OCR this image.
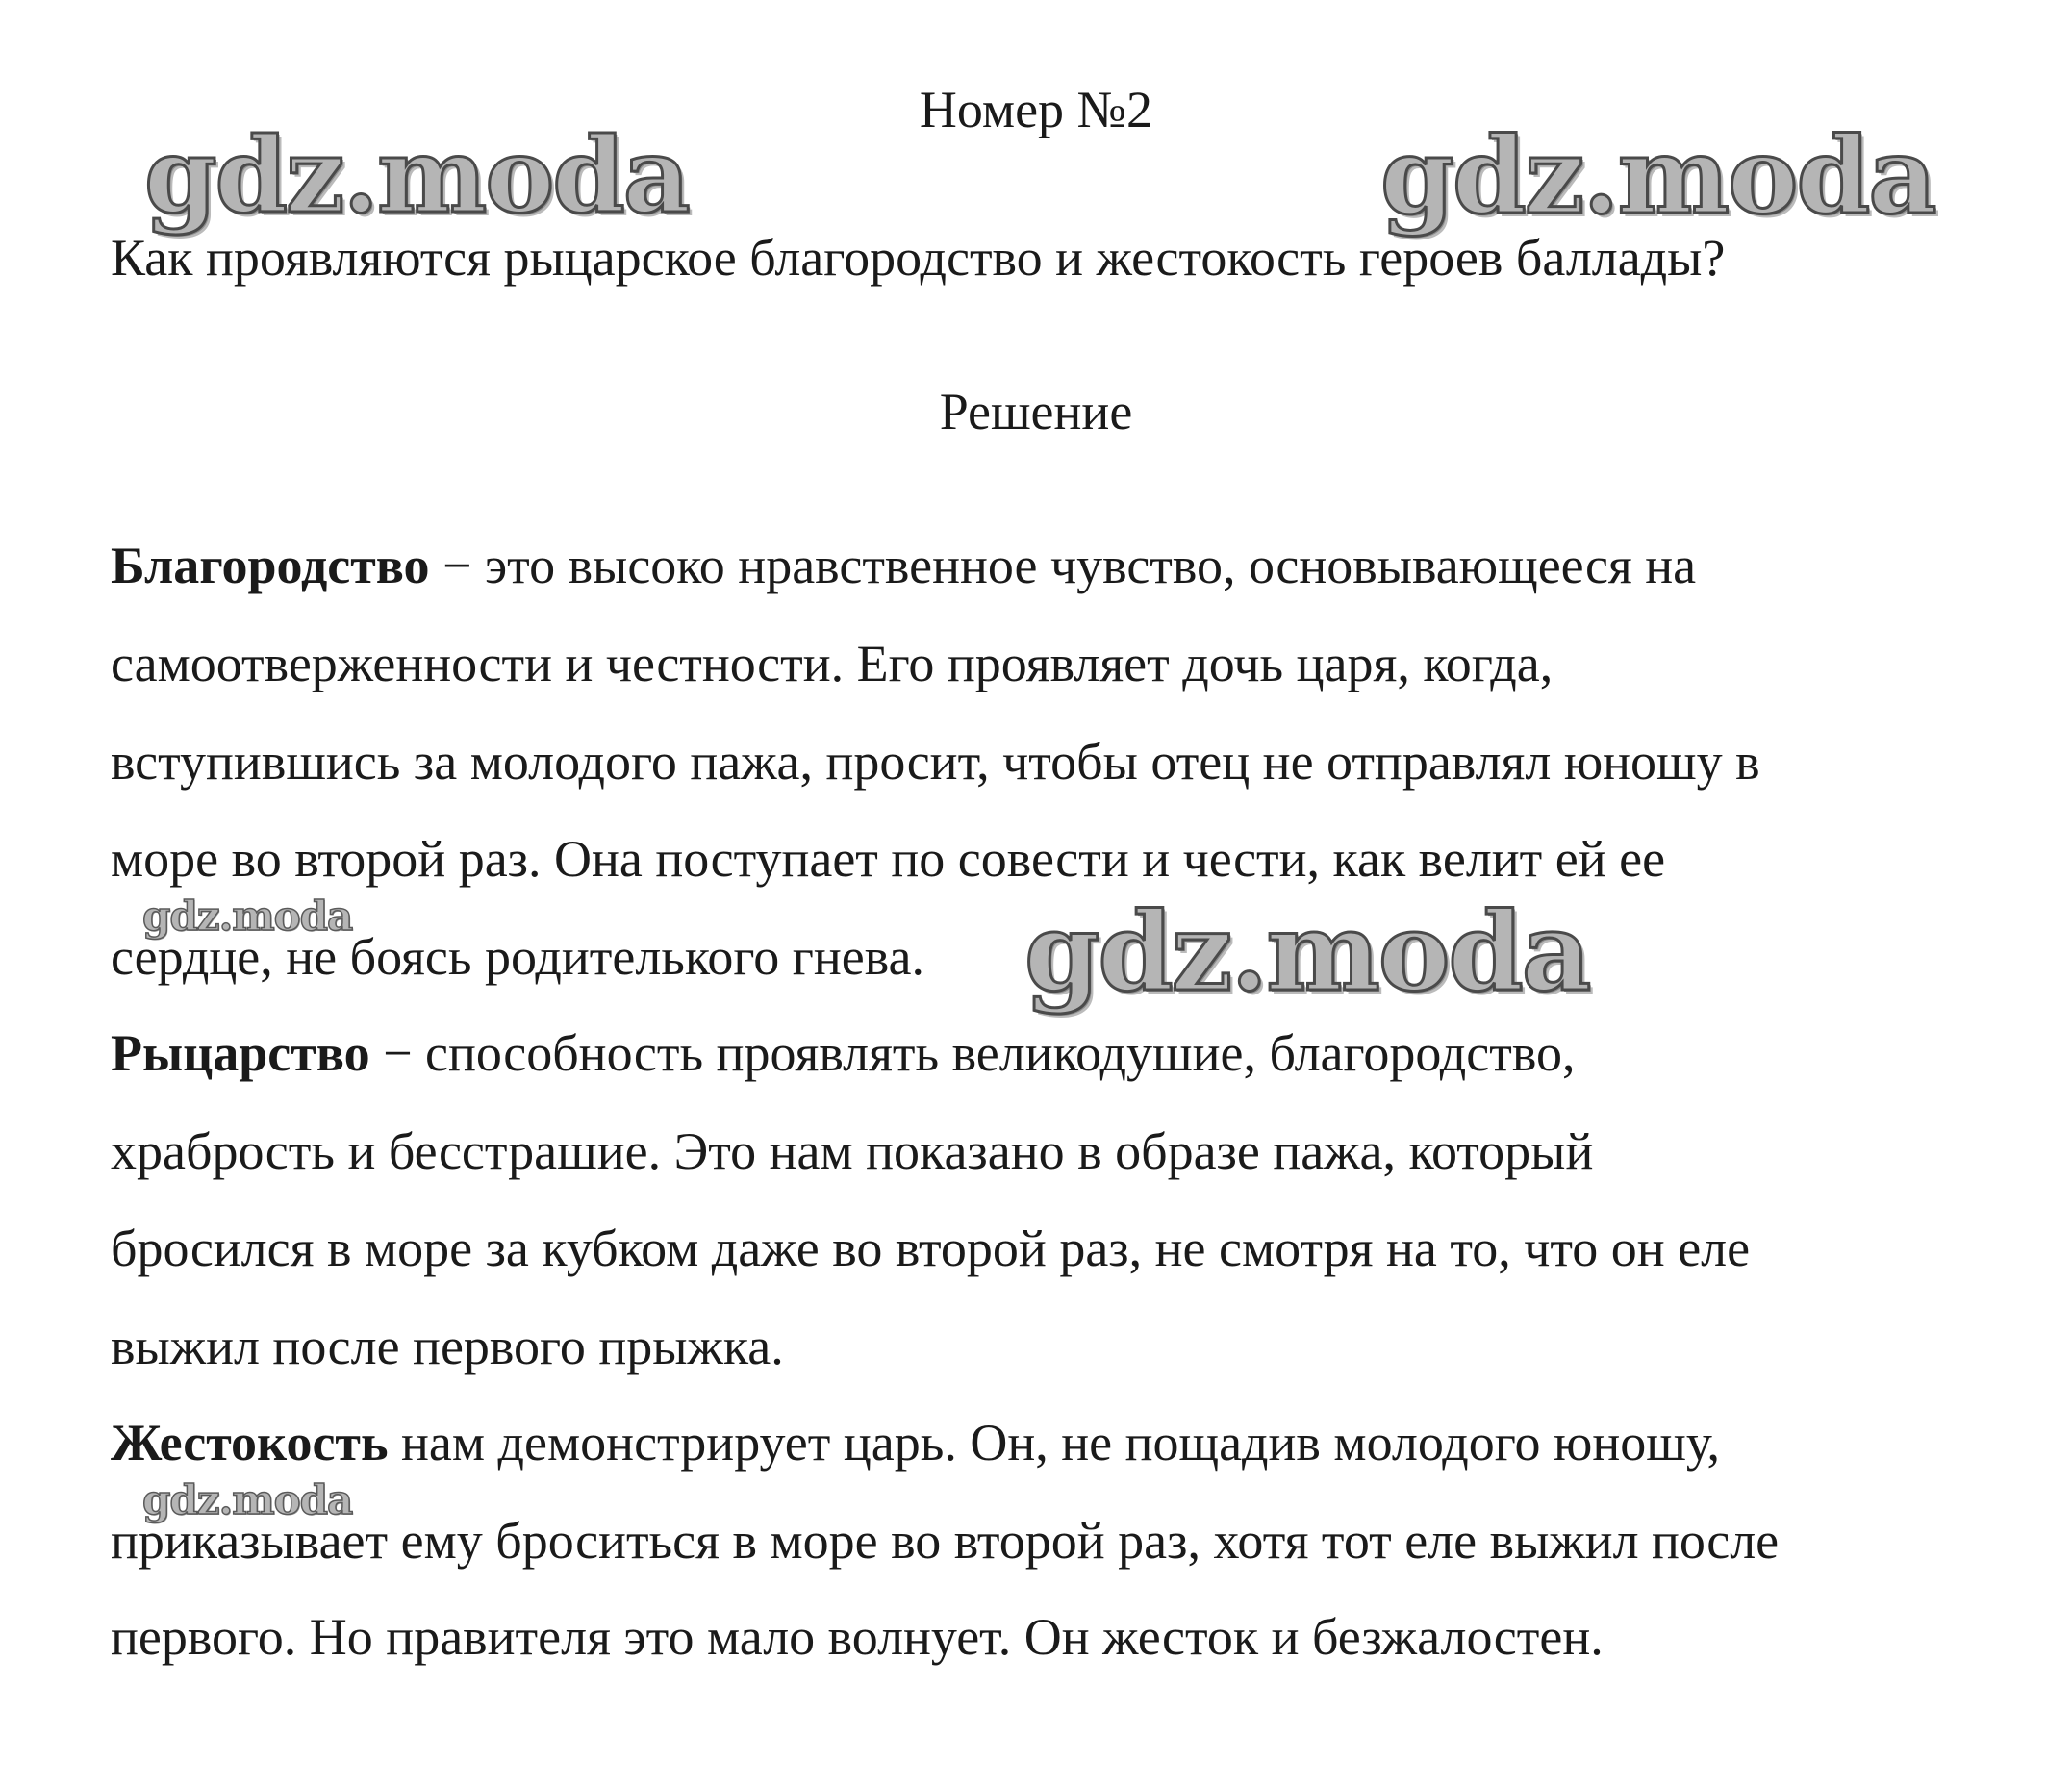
Номер №2
Как проявляются рыцарское благородство и жестокость героев баллады?
Решение
Благородство − это высоко нравственное чувство, основывающееся на
самоотверженности и честности. Его проявляет дочь царя, когда,
вступившись за молодого пажа, просит, чтобы отец не отправлял юношу в
море во второй раз. Она поступает по совести и чести, как велит ей ее
сердце, не боясь родителького гнева.
Рыцарство − способность проявлять великодушие, благородство,
храбрость и бесстрашие. Это нам показано в образе пажа, который
бросился в море за кубком даже во второй раз, не смотря на то, что он еле
выжил после первого прыжка.
Жестокость нам демонстрирует царь. Он, не пощадив молодого юношу,
приказывает ему броситься в море во второй раз, хотя тот еле выжил после
первого. Но правителя это мало волнует. Он жесток и безжалостен.
gdz.moda	gdz.moda
gdz.moda
gdz.moda
gdz.moda
